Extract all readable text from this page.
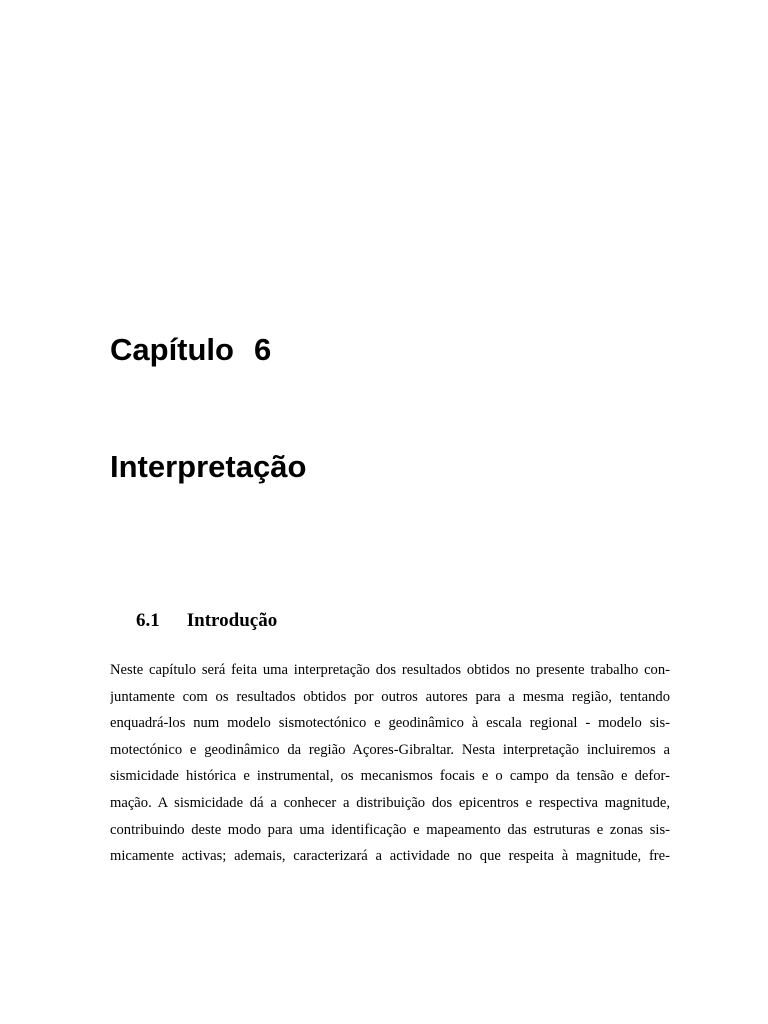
Capítulo 6
Interpretação
6.1 Introdução
Neste capítulo será feita uma interpretação dos resultados obtidos no presente trabalho con-
juntamente com os resultados obtidos por outros autores para a mesma região, tentando
enquadrá-los num modelo sismotectónico e geodinâmico à escala regional - modelo sis-
motectónico e geodinâmico da região Açores-Gibraltar. Nesta interpretação incluiremos a
sismicidade histórica e instrumental, os mecanismos focais e o campo da tensão e defor-
mação. A sismicidade dá a conhecer a distribuição dos epicentros e respectiva magnitude,
contribuindo deste modo para uma identificação e mapeamento das estruturas e zonas sis-
micamente activas; ademais, caracterizará a actividade no que respeita à magnitude, fre-
